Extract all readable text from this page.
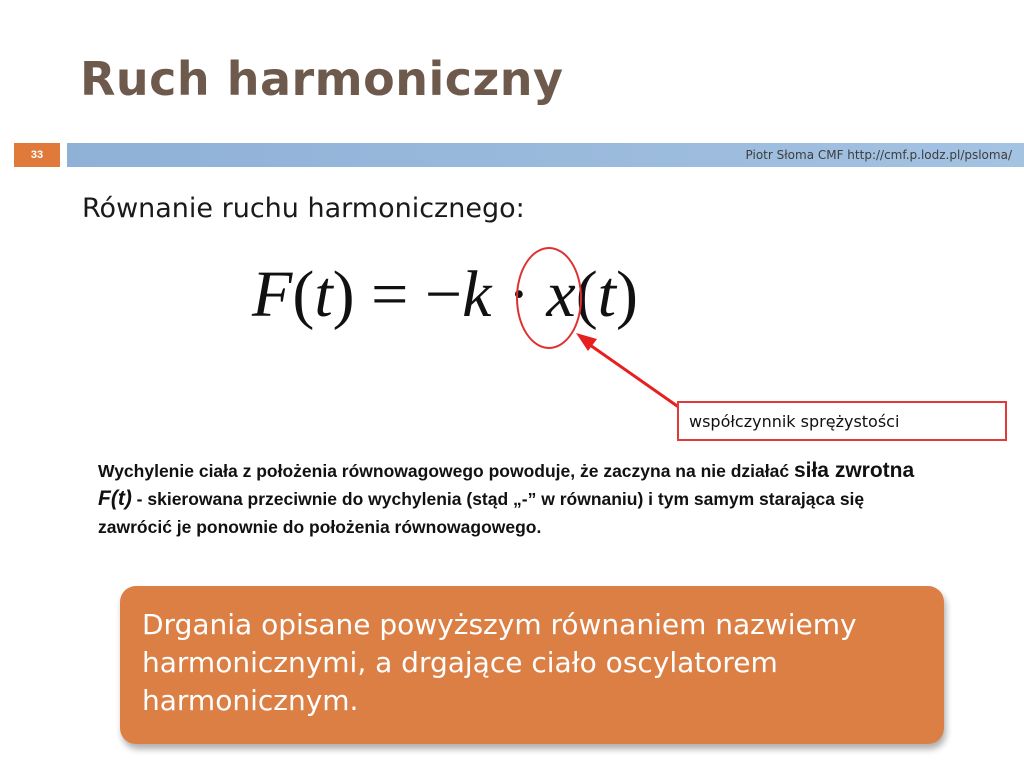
Ruch harmoniczny
33	Piotr Słoma CMF http://cmf.p.lodz.pl/psloma/
Równanie ruchu harmonicznego:
F(t) = −k · x(t)
współczynnik sprężystości
Wychylenie ciała z położenia równowagowego powoduje, że zaczyna na nie działać siła zwrotna F(t) - skierowana przeciwnie do wychylenia (stąd „-” w równaniu) i tym samym starająca się zawrócić je ponownie do położenia równowagowego.
Drgania opisane powyższym równaniem nazwiemy harmonicznymi, a drgające ciało oscylatorem harmonicznym.
